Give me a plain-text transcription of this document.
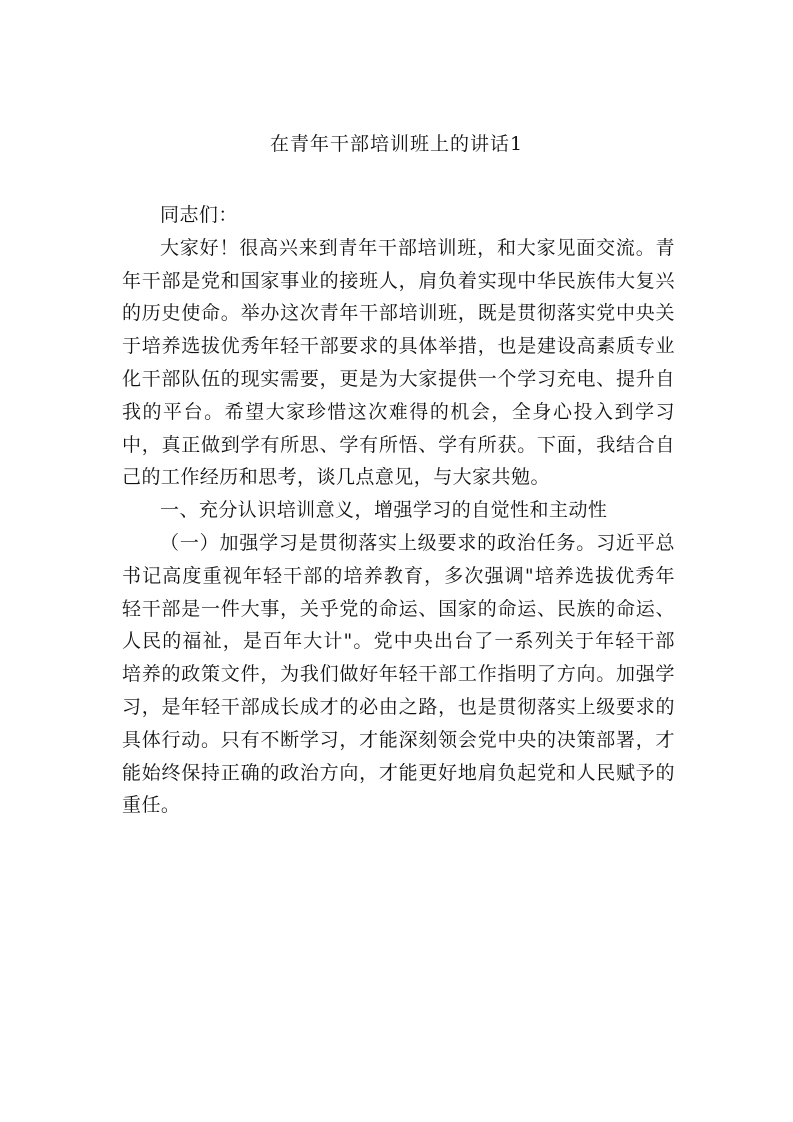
在青年干部培训班上的讲话1

同志们：

大家好！很高兴来到青年干部培训班，和大家见面交流。青年干部是党和国家事业的接班人，肩负着实现中华民族伟大复兴的历史使命。举办这次青年干部培训班，既是贯彻落实党中央关于培养选拔优秀年轻干部要求的具体举措，也是建设高素质专业化干部队伍的现实需要，更是为大家提供一个学习充电、提升自我的平台。希望大家珍惜这次难得的机会，全身心投入到学习中，真正做到学有所思、学有所悟、学有所获。下面，我结合自己的工作经历和思考，谈几点意见，与大家共勉。

一、充分认识培训意义，增强学习的自觉性和主动性

（一）加强学习是贯彻落实上级要求的政治任务。习近平总书记高度重视年轻干部的培养教育，多次强调"培养选拔优秀年轻干部是一件大事，关乎党的命运、国家的命运、民族的命运、人民的福祉，是百年大计"。党中央出台了一系列关于年轻干部培养的政策文件，为我们做好年轻干部工作指明了方向。加强学习，是年轻干部成长成才的必由之路，也是贯彻落实上级要求的具体行动。只有不断学习，才能深刻领会党中央的决策部署，才能始终保持正确的政治方向，才能更好地肩负起党和人民赋予的重任。
